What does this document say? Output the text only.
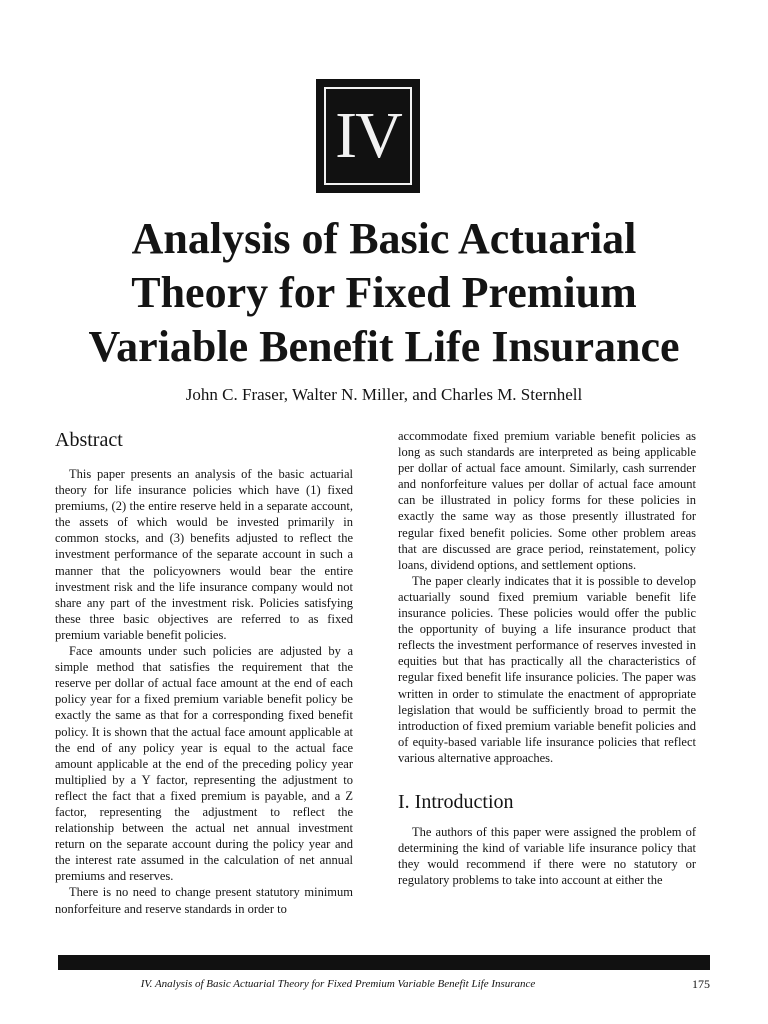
IV
Analysis of Basic Actuarial
Theory for Fixed Premium
Variable Benefit Life Insurance
John C. Fraser, Walter N. Miller, and Charles M. Sternhell
Abstract

This paper presents an analysis of the basic actuarial theory for life insurance policies which have (1) fixed premiums, (2) the entire reserve held in a separate account, the assets of which would be invested primarily in common stocks, and (3) benefits adjusted to reflect the investment performance of the separate account in such a manner that the policyowners would bear the entire investment risk and the life insurance company would not share any part of the investment risk. Policies satisfying these three basic objectives are referred to as fixed premium variable benefit policies.

Face amounts under such policies are adjusted by a simple method that satisfies the requirement that the reserve per dollar of actual face amount at the end of each policy year for a fixed premium variable benefit policy be exactly the same as that for a corresponding fixed benefit policy. It is shown that the actual face amount applicable at the end of any policy year is equal to the actual face amount applicable at the end of the preceding policy year multiplied by a Y factor, representing the adjustment to reflect the fact that a fixed premium is payable, and a Z factor, representing the adjustment to reflect the relationship between the actual net annual investment return on the separate account during the policy year and the interest rate assumed in the calculation of net annual premiums and reserves.

There is no need to change present statutory minimum nonforfeiture and reserve standards in order to

accommodate fixed premium variable benefit policies as long as such standards are interpreted as being applicable per dollar of actual face amount. Similarly, cash surrender and nonforfeiture values per dollar of actual face amount can be illustrated in policy forms for these policies in exactly the same way as those presently illustrated for regular fixed benefit policies. Some other problem areas that are discussed are grace period, reinstatement, policy loans, dividend options, and settlement options.

The paper clearly indicates that it is possible to develop actuarially sound fixed premium variable benefit life insurance policies. These policies would offer the public the opportunity of buying a life insurance product that reflects the investment performance of reserves invested in equities but that has practically all the characteristics of regular fixed benefit life insurance policies. The paper was written in order to stimulate the enactment of appropriate legislation that would be sufficiently broad to permit the introduction of fixed premium variable benefit policies and of equity-based variable life insurance policies that reflect various alternative approaches.

I. Introduction

The authors of this paper were assigned the problem of determining the kind of variable life insurance policy that they would recommend if there were no statutory or regulatory problems to take into account at either the

IV. Analysis of Basic Actuarial Theory for Fixed Premium Variable Benefit Life Insurance	175
